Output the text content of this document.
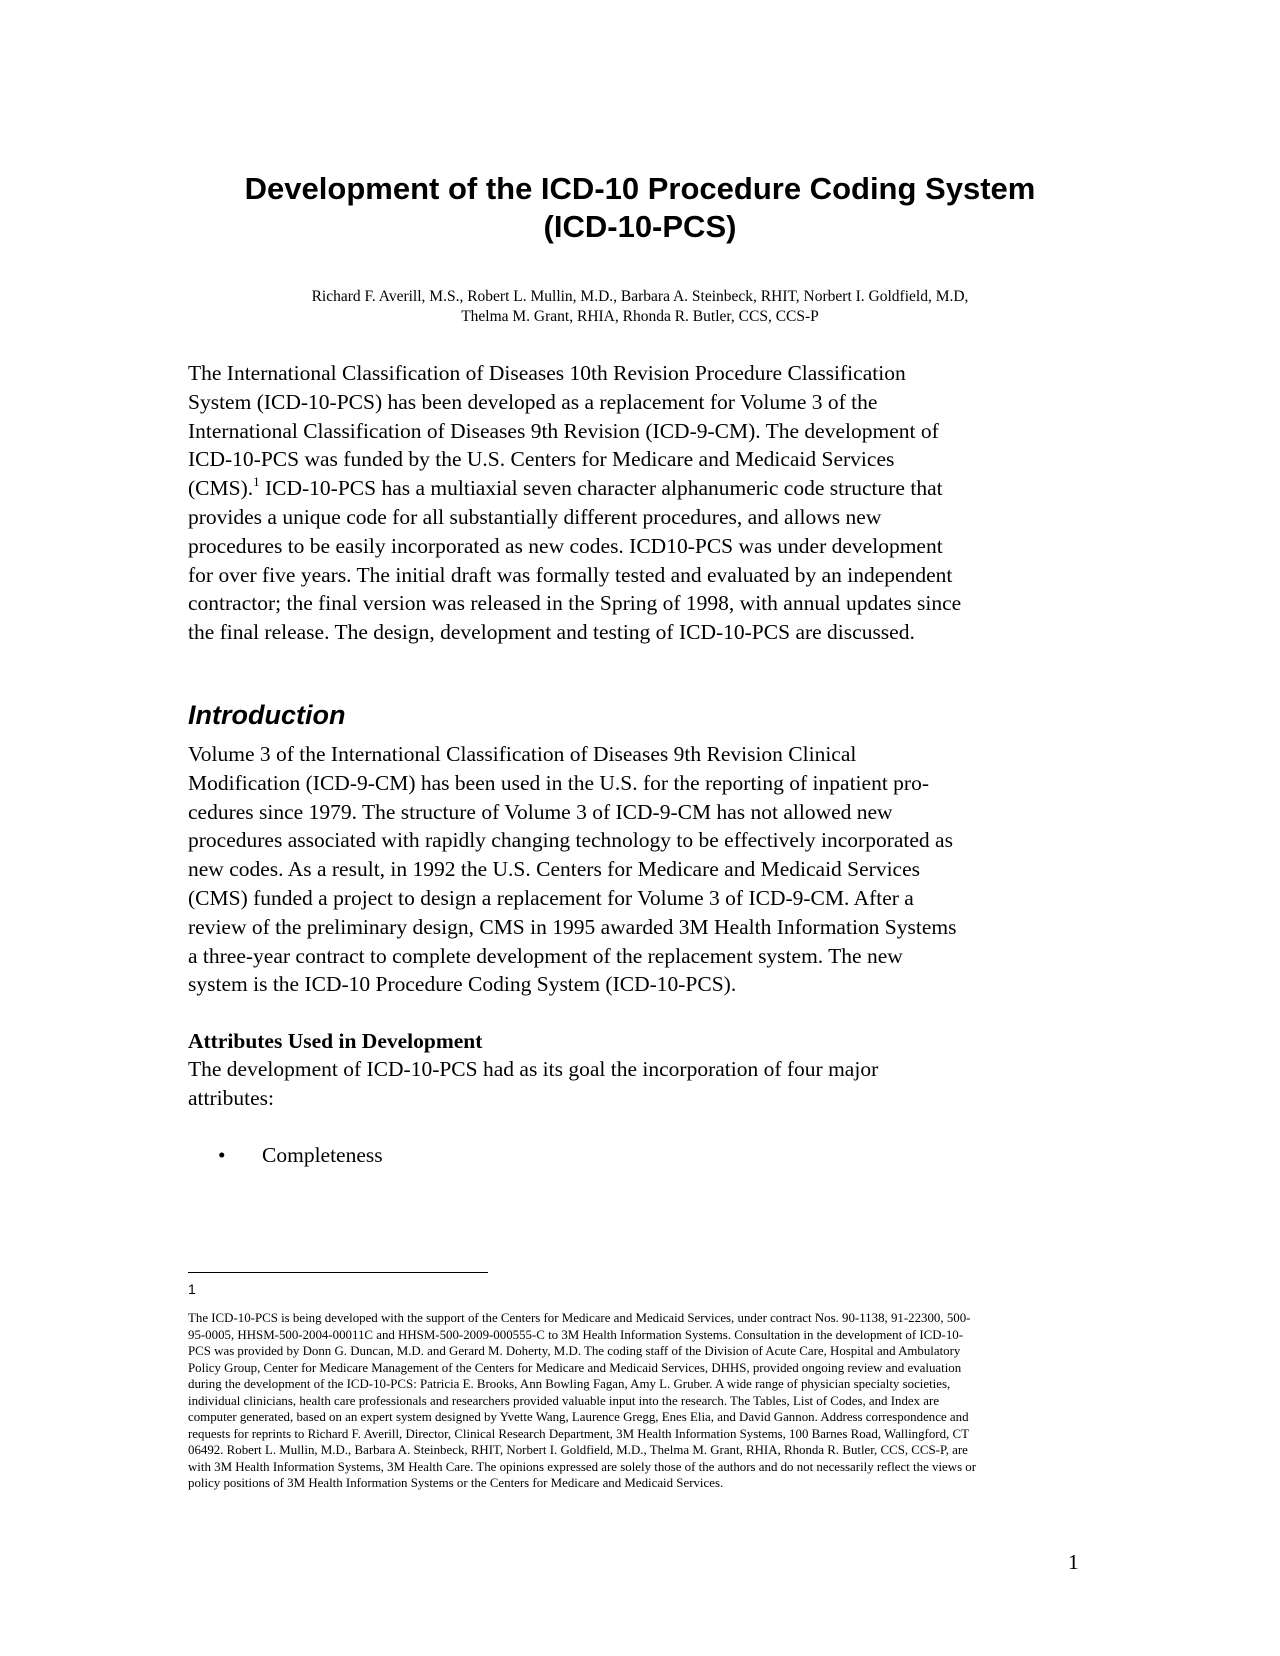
Development of the ICD-10 Procedure Coding System
(ICD-10-PCS)

Richard F. Averill, M.S., Robert L. Mullin, M.D., Barbara A. Steinbeck, RHIT, Norbert I. Goldfield, M.D,
Thelma M. Grant, RHIA, Rhonda R. Butler, CCS, CCS-P

The International Classification of Diseases 10th Revision Procedure Classification
System (ICD-10-PCS) has been developed as a replacement for Volume 3 of the
International Classification of Diseases 9th Revision (ICD-9-CM). The development of
ICD-10-PCS was funded by the U.S. Centers for Medicare and Medicaid Services
(CMS).$^1$ ICD-10-PCS has a multiaxial seven character alphanumeric code structure that
provides a unique code for all substantially different procedures, and allows new
procedures to be easily incorporated as new codes. ICD10-PCS was under development
for over five years. The initial draft was formally tested and evaluated by an independent
contractor; the final version was released in the Spring of 1998, with annual updates since
the final release. The design, development and testing of ICD-10-PCS are discussed.

Introduction

Volume 3 of the International Classification of Diseases 9th Revision Clinical
Modification (ICD-9-CM) has been used in the U.S. for the reporting of inpatient pro-
cedures since 1979. The structure of Volume 3 of ICD-9-CM has not allowed new
procedures associated with rapidly changing technology to be effectively incorporated as
new codes. As a result, in 1992 the U.S. Centers for Medicare and Medicaid Services
(CMS) funded a project to design a replacement for Volume 3 of ICD-9-CM. After a
review of the preliminary design, CMS in 1995 awarded 3M Health Information Systems
a three-year contract to complete development of the replacement system. The new
system is the ICD-10 Procedure Coding System (ICD-10-PCS).

Attributes Used in Development

The development of ICD-10-PCS had as its goal the incorporation of four major
attributes:

•	Completeness

1

The ICD-10-PCS is being developed with the support of the Centers for Medicare and Medicaid Services, under contract Nos. 90-1138, 91-22300, 500-
95-0005, HHSM-500-2004-00011C and HHSM-500-2009-000555-C to 3M Health Information Systems. Consultation in the development of ICD-10-
PCS was provided by Donn G. Duncan, M.D. and Gerard M. Doherty, M.D. The coding staff of the Division of Acute Care, Hospital and Ambulatory
Policy Group, Center for Medicare Management of the Centers for Medicare and Medicaid Services, DHHS, provided ongoing review and evaluation
during the development of the ICD-10-PCS: Patricia E. Brooks, Ann Bowling Fagan, Amy L. Gruber. A wide range of physician specialty societies,
individual clinicians, health care professionals and researchers provided valuable input into the research. The Tables, List of Codes, and Index are
computer generated, based on an expert system designed by Yvette Wang, Laurence Gregg, Enes Elia, and David Gannon. Address correspondence and
requests for reprints to Richard F. Averill, Director, Clinical Research Department, 3M Health Information Systems, 100 Barnes Road, Wallingford, CT
06492. Robert L. Mullin, M.D., Barbara A. Steinbeck, RHIT, Norbert I. Goldfield, M.D., Thelma M. Grant, RHIA, Rhonda R. Butler, CCS, CCS-P, are
with 3M Health Information Systems, 3M Health Care. The opinions expressed are solely those of the authors and do not necessarily reflect the views or
policy positions of 3M Health Information Systems or the Centers for Medicare and Medicaid Services.

1
